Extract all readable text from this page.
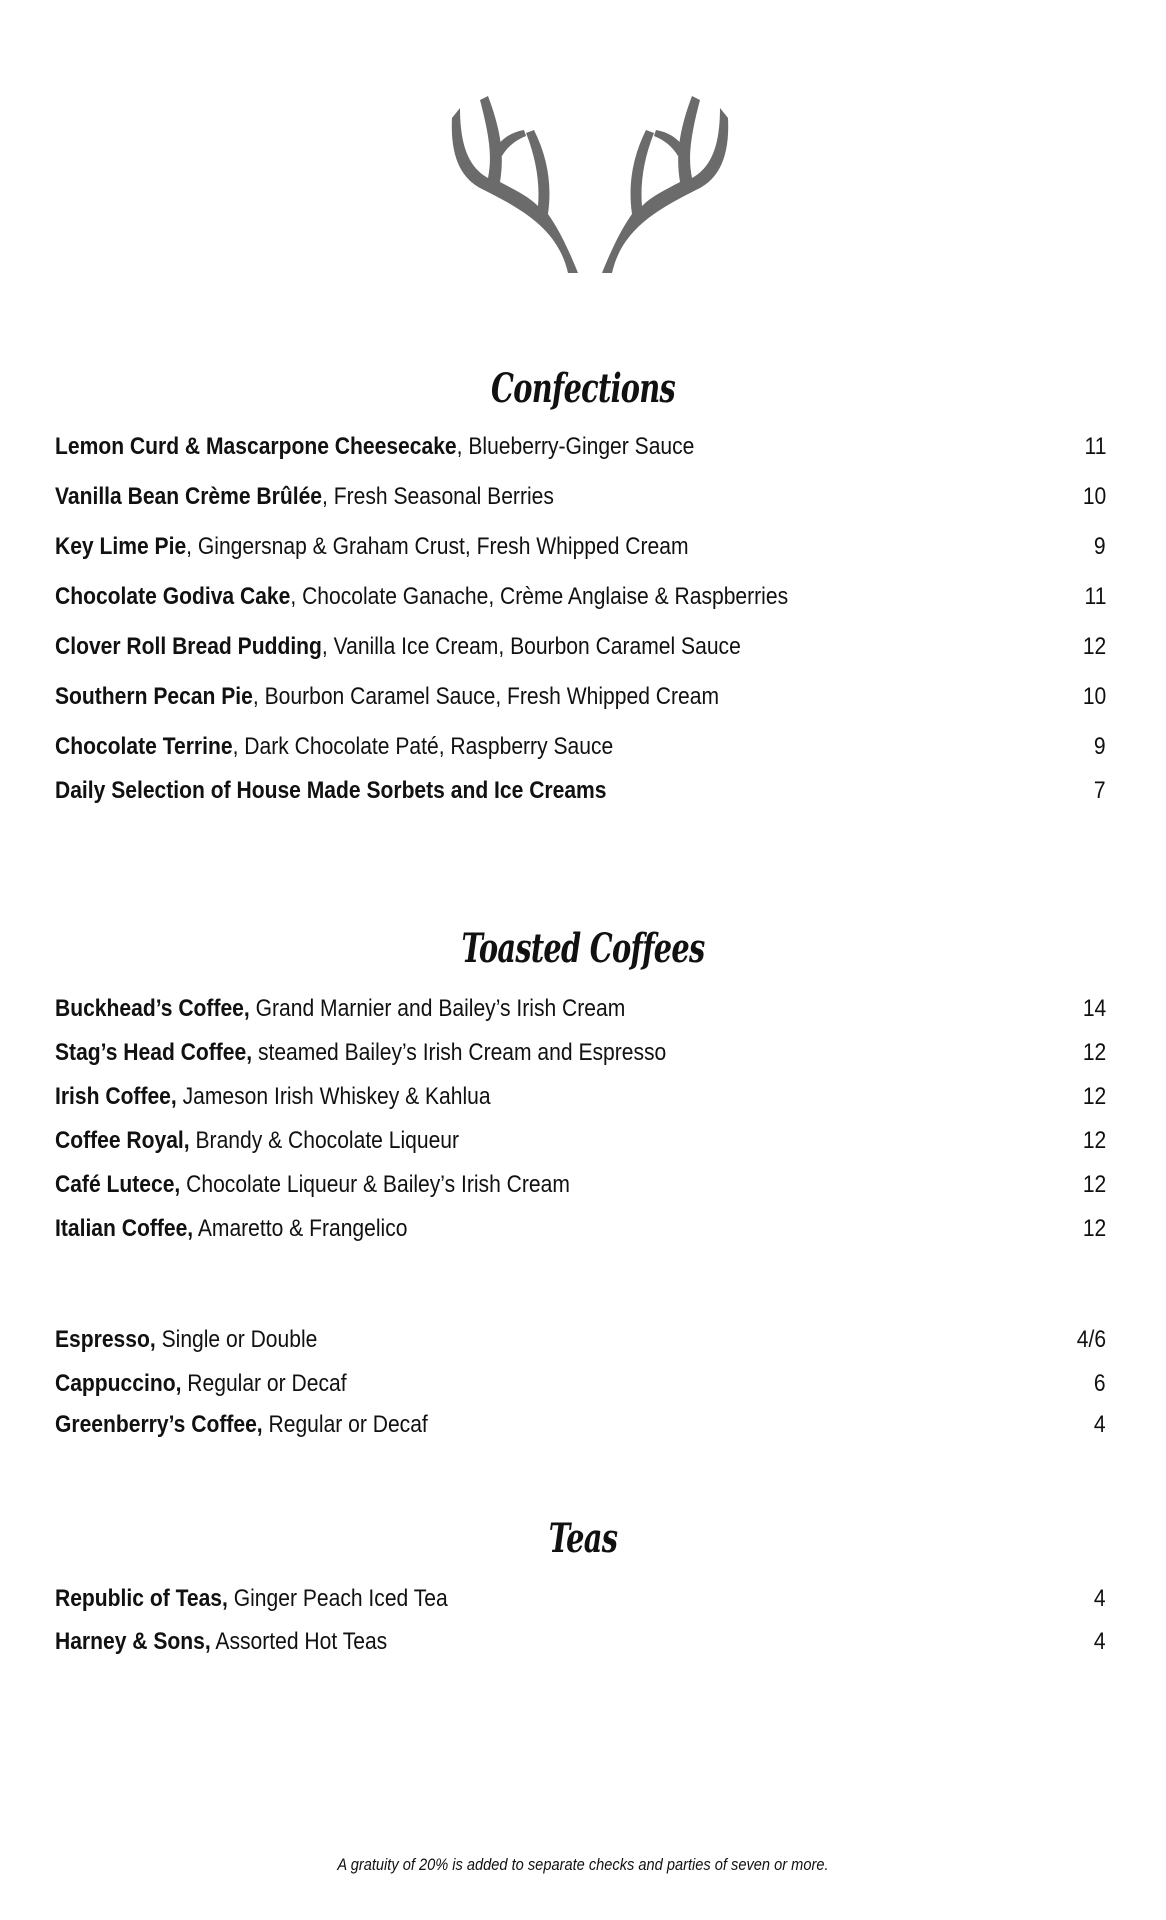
Confections
Lemon Curd & Mascarpone Cheesecake, Blueberry-Ginger Sauce	11
Vanilla Bean Crème Brûlée, Fresh Seasonal Berries	10
Key Lime Pie, Gingersnap & Graham Crust, Fresh Whipped Cream	9
Chocolate Godiva Cake, Chocolate Ganache, Crème Anglaise & Raspberries	11
Clover Roll Bread Pudding, Vanilla Ice Cream, Bourbon Caramel Sauce	12
Southern Pecan Pie, Bourbon Caramel Sauce, Fresh Whipped Cream	10
Chocolate Terrine, Dark Chocolate Paté, Raspberry Sauce	9
Daily Selection of House Made Sorbets and Ice Creams	7
Toasted Coffees
Buckhead’s Coffee, Grand Marnier and Bailey’s Irish Cream	14
Stag’s Head Coffee, steamed Bailey’s Irish Cream and Espresso	12
Irish Coffee, Jameson Irish Whiskey & Kahlua	12
Coffee Royal, Brandy & Chocolate Liqueur	12
Café Lutece, Chocolate Liqueur & Bailey’s Irish Cream	12
Italian Coffee, Amaretto & Frangelico	12
Espresso, Single or Double	4/6
Cappuccino, Regular or Decaf	6
Greenberry’s Coffee, Regular or Decaf	4
Teas
Republic of Teas, Ginger Peach Iced Tea	4
Harney & Sons, Assorted Hot Teas	4
A gratuity of 20% is added to separate checks and parties of seven or more.
